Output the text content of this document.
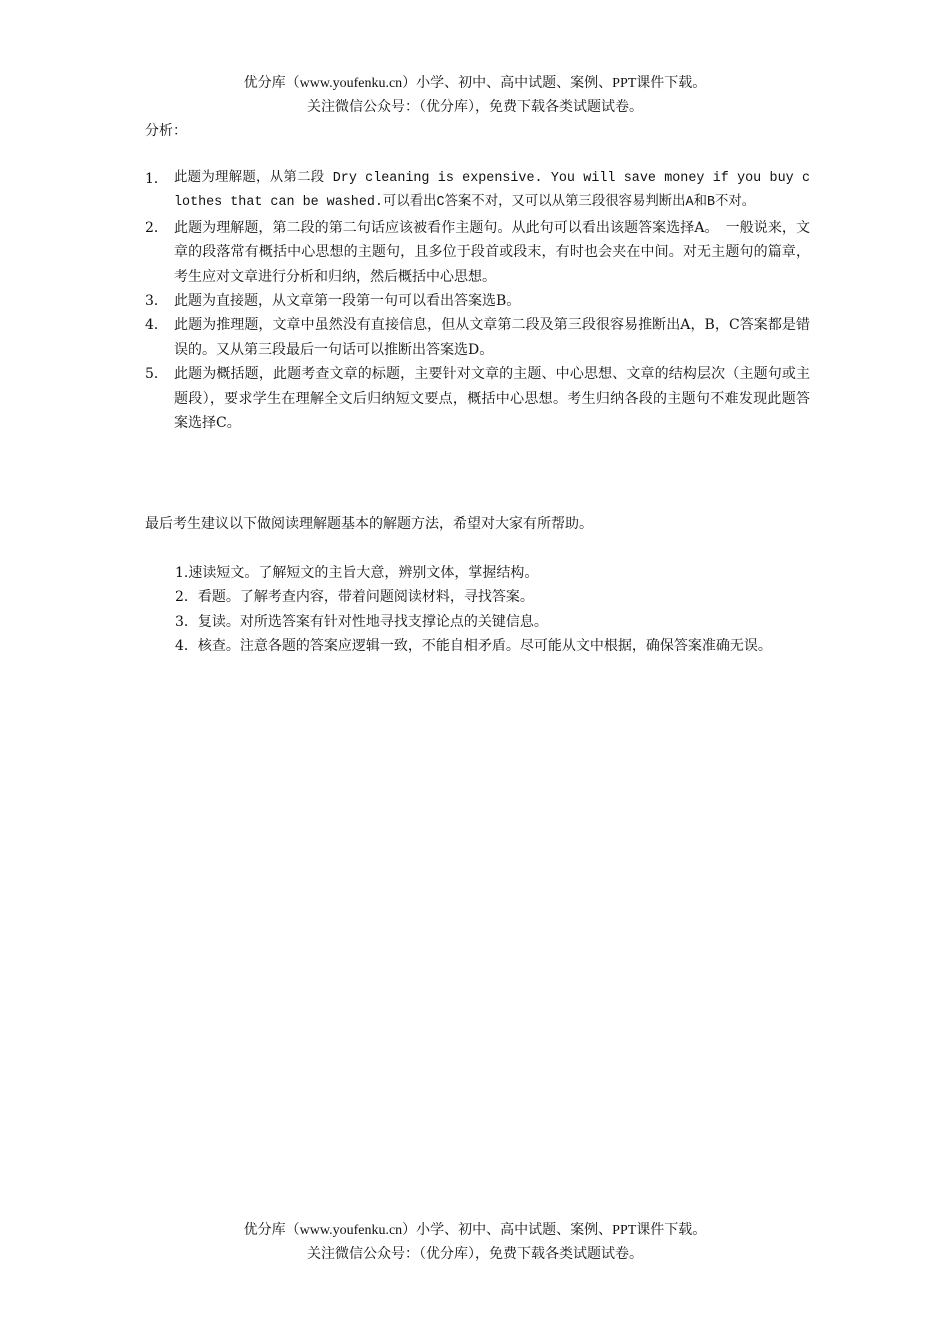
优分库（www.youfenku.cn）小学、初中、高中试题、案例、PPT课件下载。
关注微信公众号：（优分库），免费下载各类试题试卷。
分析：
1． 此题为理解题，从第二段 Dry cleaning is expensive. You will save money if you buy clothes that can be washed.可以看出C答案不对，又可以从第三段很容易判断出A和B不对。
2． 此题为理解题，第二段的第二句话应该被看作主题句。从此句可以看出该题答案选择A。　一般说来，文章的段落常有概括中心思想的主题句，且多位于段首或段末，有时也会夹在中间。对无主题句的篇章，考生应对文章进行分析和归纳，然后概括中心思想。
3． 此题为直接题，从文章第一段第一句可以看出答案选B。
4． 此题为推理题，文章中虽然没有直接信息，但从文章第二段及第三段很容易推断出A，B，C答案都是错误的。又从第三段最后一句话可以推断出答案选D。
5． 此题为概括题，此题考查文章的标题，主要针对文章的主题、中心思想、文章的结构层次（主题句或主题段），要求学生在理解全文后归纳短文要点，概括中心思想。考生归纳各段的主题句不难发现此题答案选择C。
最后考生建议以下做阅读理解题基本的解题方法，希望对大家有所帮助。
1.速读短文。了解短文的主旨大意，辨别文体，掌握结构。
2．看题。了解考查内容，带着问题阅读材料，寻找答案。
3．复读。对所选答案有针对性地寻找支撑论点的关键信息。
4．核查。注意各题的答案应逻辑一致，不能自相矛盾。尽可能从文中根据，确保答案准确无误。
优分库（www.youfenku.cn）小学、初中、高中试题、案例、PPT课件下载。
关注微信公众号：（优分库），免费下载各类试题试卷。
